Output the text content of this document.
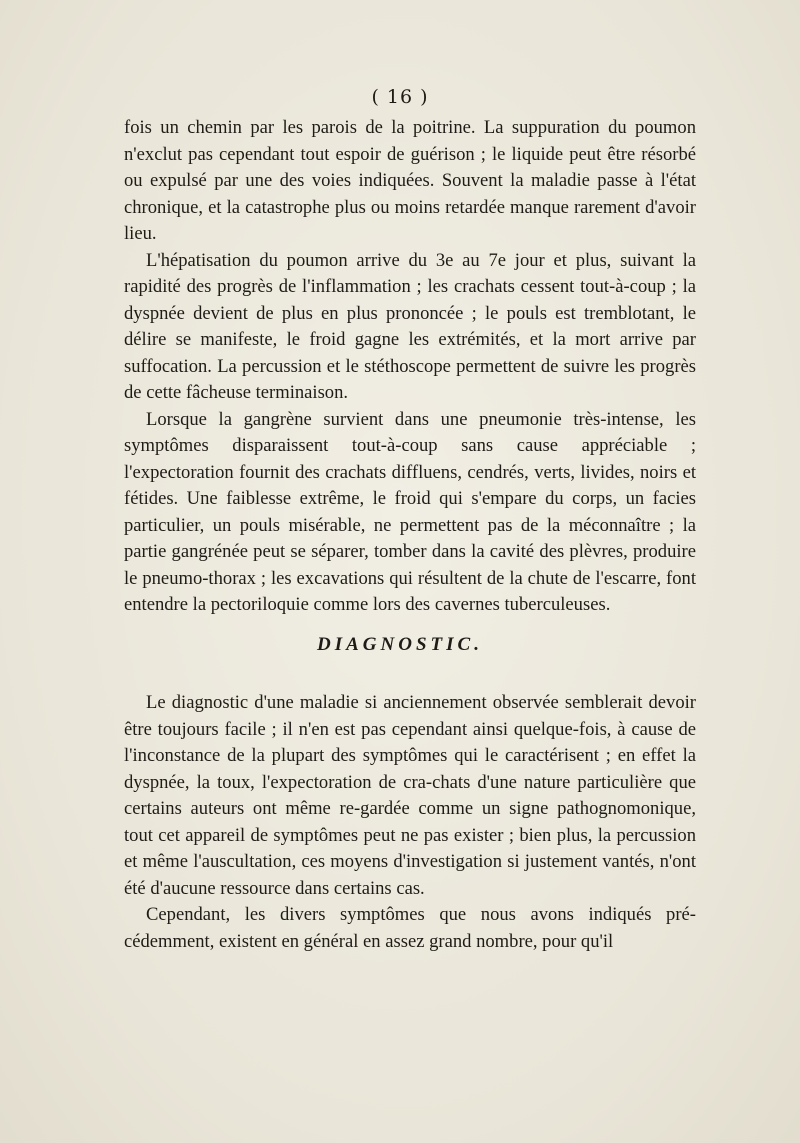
( 16 )

fois un chemin par les parois de la poitrine. La suppuration du poumon n'exclut pas cependant tout espoir de guérison ; le liquide peut être résorbé ou expulsé par une des voies indiquées. Souvent la maladie passe à l'état chronique, et la catastrophe plus ou moins retardée manque rarement d'avoir lieu.

L'hépatisation du poumon arrive du 3e au 7e jour et plus, suivant la rapidité des progrès de l'inflammation ; les crachats cessent tout-à-coup ; la dyspnée devient de plus en plus prononcée ; le pouls est tremblotant, le délire se manifeste, le froid gagne les extrémités, et la mort arrive par suffocation. La percussion et le stéthoscope permettent de suivre les progrès de cette fâcheuse terminaison.

Lorsque la gangrène survient dans une pneumonie très-intense, les symptômes disparaissent tout-à-coup sans cause appréciable ; l'expectoration fournit des crachats diffluens, cendrés, verts, livides, noirs et fétides. Une faiblesse extrême, le froid qui s'empare du corps, un facies particulier, un pouls misérable, ne permettent pas de la méconnaître ; la partie gangrénée peut se séparer, tomber dans la cavité des plèvres, produire le pneumo-thorax ; les excavations qui résultent de la chute de l'escarre, font entendre la pectoriloquie comme lors des cavernes tuberculeuses.

DIAGNOSTIC.

Le diagnostic d'une maladie si anciennement observée semblerait devoir être toujours facile ; il n'en est pas cependant ainsi quelque-fois, à cause de l'inconstance de la plupart des symptômes qui le caractérisent ; en effet la dyspnée, la toux, l'expectoration de cra-chats d'une nature particulière que certains auteurs ont même re-gardée comme un signe pathognomonique, tout cet appareil de symptômes peut ne pas exister ; bien plus, la percussion et même l'auscultation, ces moyens d'investigation si justement vantés, n'ont été d'aucune ressource dans certains cas.

Cependant, les divers symptômes que nous avons indiqués pré-cédemment, existent en général en assez grand nombre, pour qu'il
